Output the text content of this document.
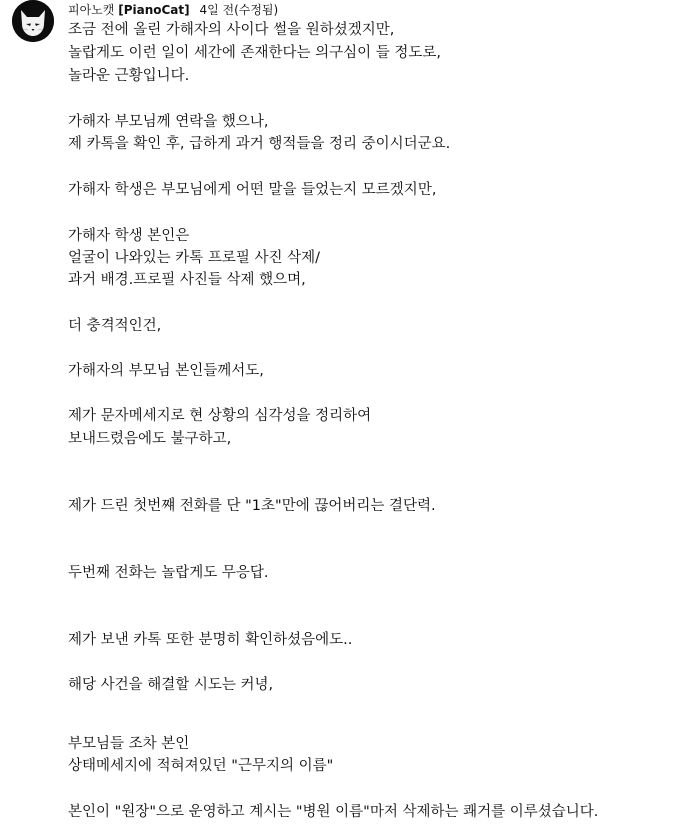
피아노캣 [PianoCat] 4일 전(수정됨)
조금 전에 올린 가해자의 사이다 썰을 원하셨겠지만,
놀랍게도 이런 일이 세간에 존재한다는 의구심이 들 정도로,
놀라운 근황입니다.
가해자 부모님께 연락을 했으나,
제 카톡을 확인 후, 급하게 과거 행적들을 정리 중이시더군요.
가해자 학생은 부모님에게 어떤 말을 들었는지 모르겠지만,
가해자 학생 본인은
얼굴이 나와있는 카톡 프로필 사진 삭제/
과거 배경.프로필 사진들 삭제 했으며,
더 충격적인건,
가해자의 부모님 본인들께서도,
제가 문자메세지로 현 상황의 심각성을 정리하여
보내드렸음에도 불구하고,
제가 드린 첫번쨰 전화를 단 "1초"만에 끊어버리는 결단력.
두번째 전화는 놀랍게도 무응답.
제가 보낸 카톡 또한 분명히 확인하셨음에도..
해당 사건을 해결할 시도는 커녕,
부모님들 조차 본인
상태메세지에 적혀져있던 "근무지의 이름"
본인이 "원장"으로 운영하고 계시는 "병원 이름"마저 삭제하는 쾌거를 이루셨습니다.
